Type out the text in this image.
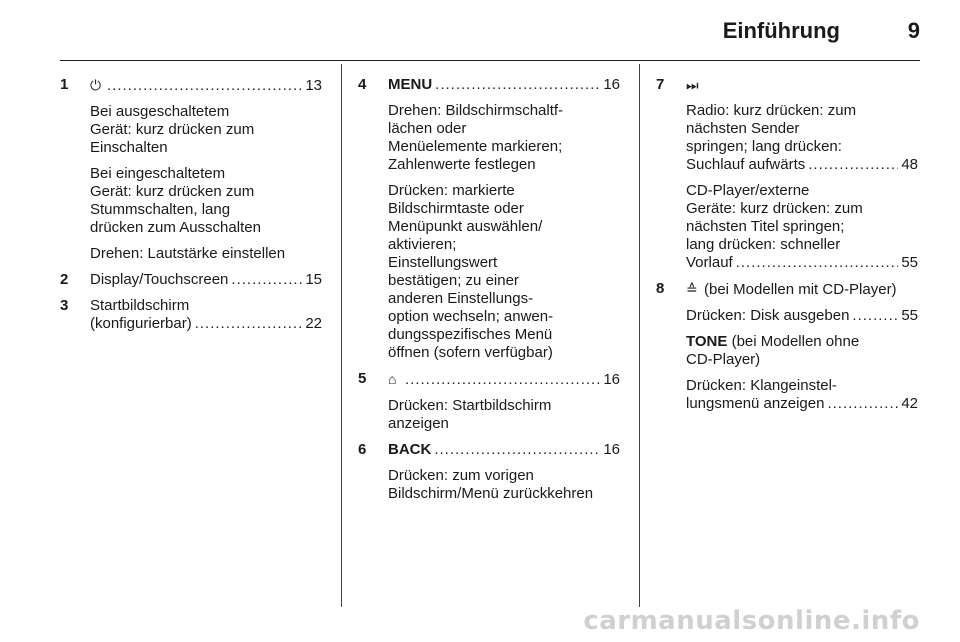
Einführung	9
1 ⏻ .....	13
Bei ausgeschaltetem
Gerät: kurz drücken zum
Einschalten
Bei eingeschaltetem
Gerät: kurz drücken zum
Stummschalten, lang
drücken zum Ausschalten
Drehen: Lautstärke einstellen
2 Display/Touchscreen .....	15
3 Startbildschirm
(konfigurierbar) .....	22
4 MENU .....	16
Drehen: Bildschirmschaltf-
lächen oder
Menüelemente markieren;
Zahlenwerte festlegen
Drücken: markierte
Bildschirmtaste oder
Menüpunkt auswählen/
aktivieren;
Einstellungswert
bestätigen; zu einer
anderen Einstellungs-
option wechseln; anwen-
dungsspezifisches Menü
öffnen (sofern verfügbar)
5 ⌂ .....	16
Drücken: Startbildschirm
anzeigen
6 BACK .....	16
Drücken: zum vorigen
Bildschirm/Menü zurückkehren
7 ⏭
Radio: kurz drücken: zum
nächsten Sender
springen; lang drücken:
Suchlauf aufwärts .....	48
CD-Player/externe
Geräte: kurz drücken: zum
nächsten Titel springen;
lang drücken: schneller
Vorlauf .....	55
8 ≙ (bei Modellen mit CD-Player)
Drücken: Disk ausgeben .....	55
TONE (bei Modellen ohne
CD-Player)
Drücken: Klangeinstel-
lungsmenü anzeigen .....	42
carmanualsonline.info
